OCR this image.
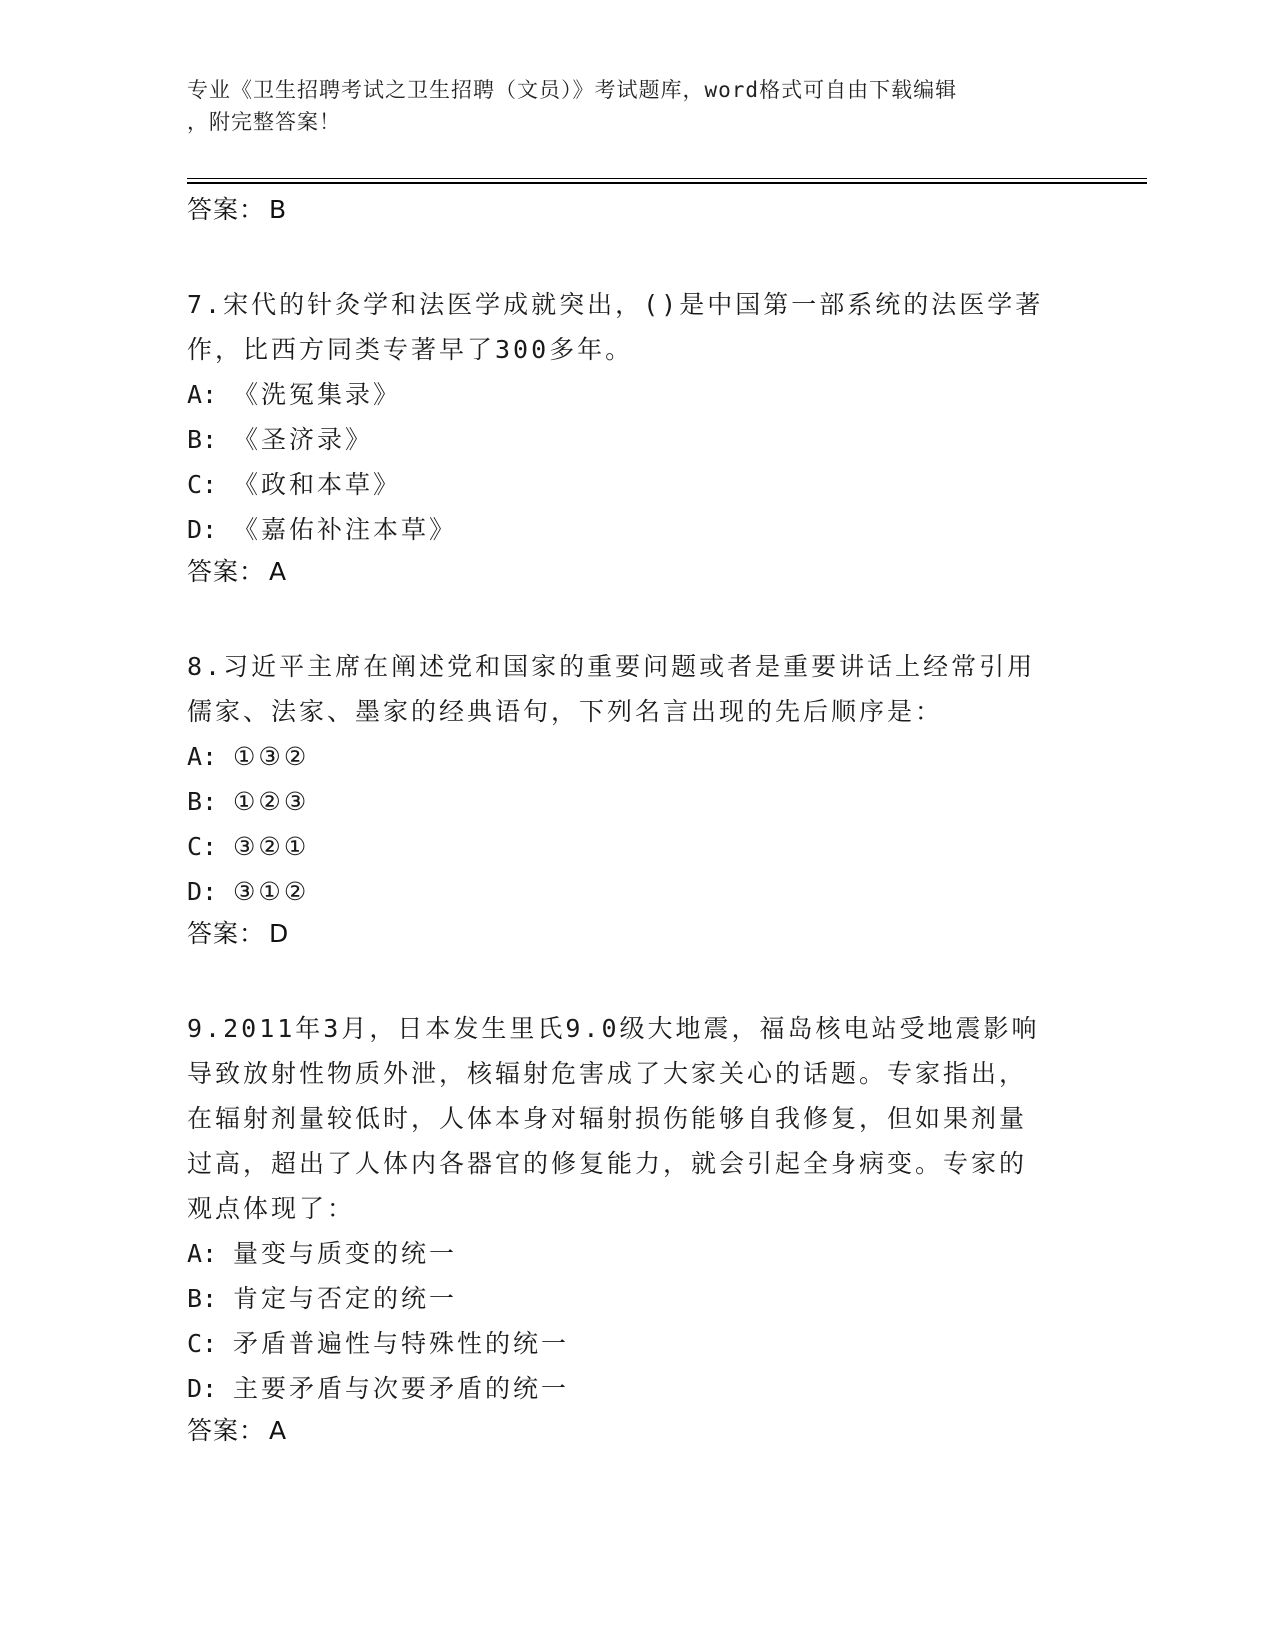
专业《卫生招聘考试之卫生招聘（文员）》考试题库，word格式可自由下载编辑
，附完整答案！
答案： B
7.宋代的针灸学和法医学成就突出，()是中国第一部系统的法医学著
作，比西方同类专著早了300多年。
A: 《洗冤集录》
B: 《圣济录》
C: 《政和本草》
D: 《嘉佑补注本草》
答案： A
8.习近平主席在阐述党和国家的重要问题或者是重要讲话上经常引用
儒家、法家、墨家的经典语句，下列名言出现的先后顺序是：
A: ①③②
B: ①②③
C: ③②①
D: ③①②
答案： D
9.2011年3月，日本发生里氏9.0级大地震，福岛核电站受地震影响
导致放射性物质外泄，核辐射危害成了大家关心的话题。专家指出，
在辐射剂量较低时，人体本身对辐射损伤能够自我修复，但如果剂量
过高，超出了人体内各器官的修复能力，就会引起全身病变。专家的
观点体现了：
A: 量变与质变的统一
B: 肯定与否定的统一
C: 矛盾普遍性与特殊性的统一
D: 主要矛盾与次要矛盾的统一
答案： A
